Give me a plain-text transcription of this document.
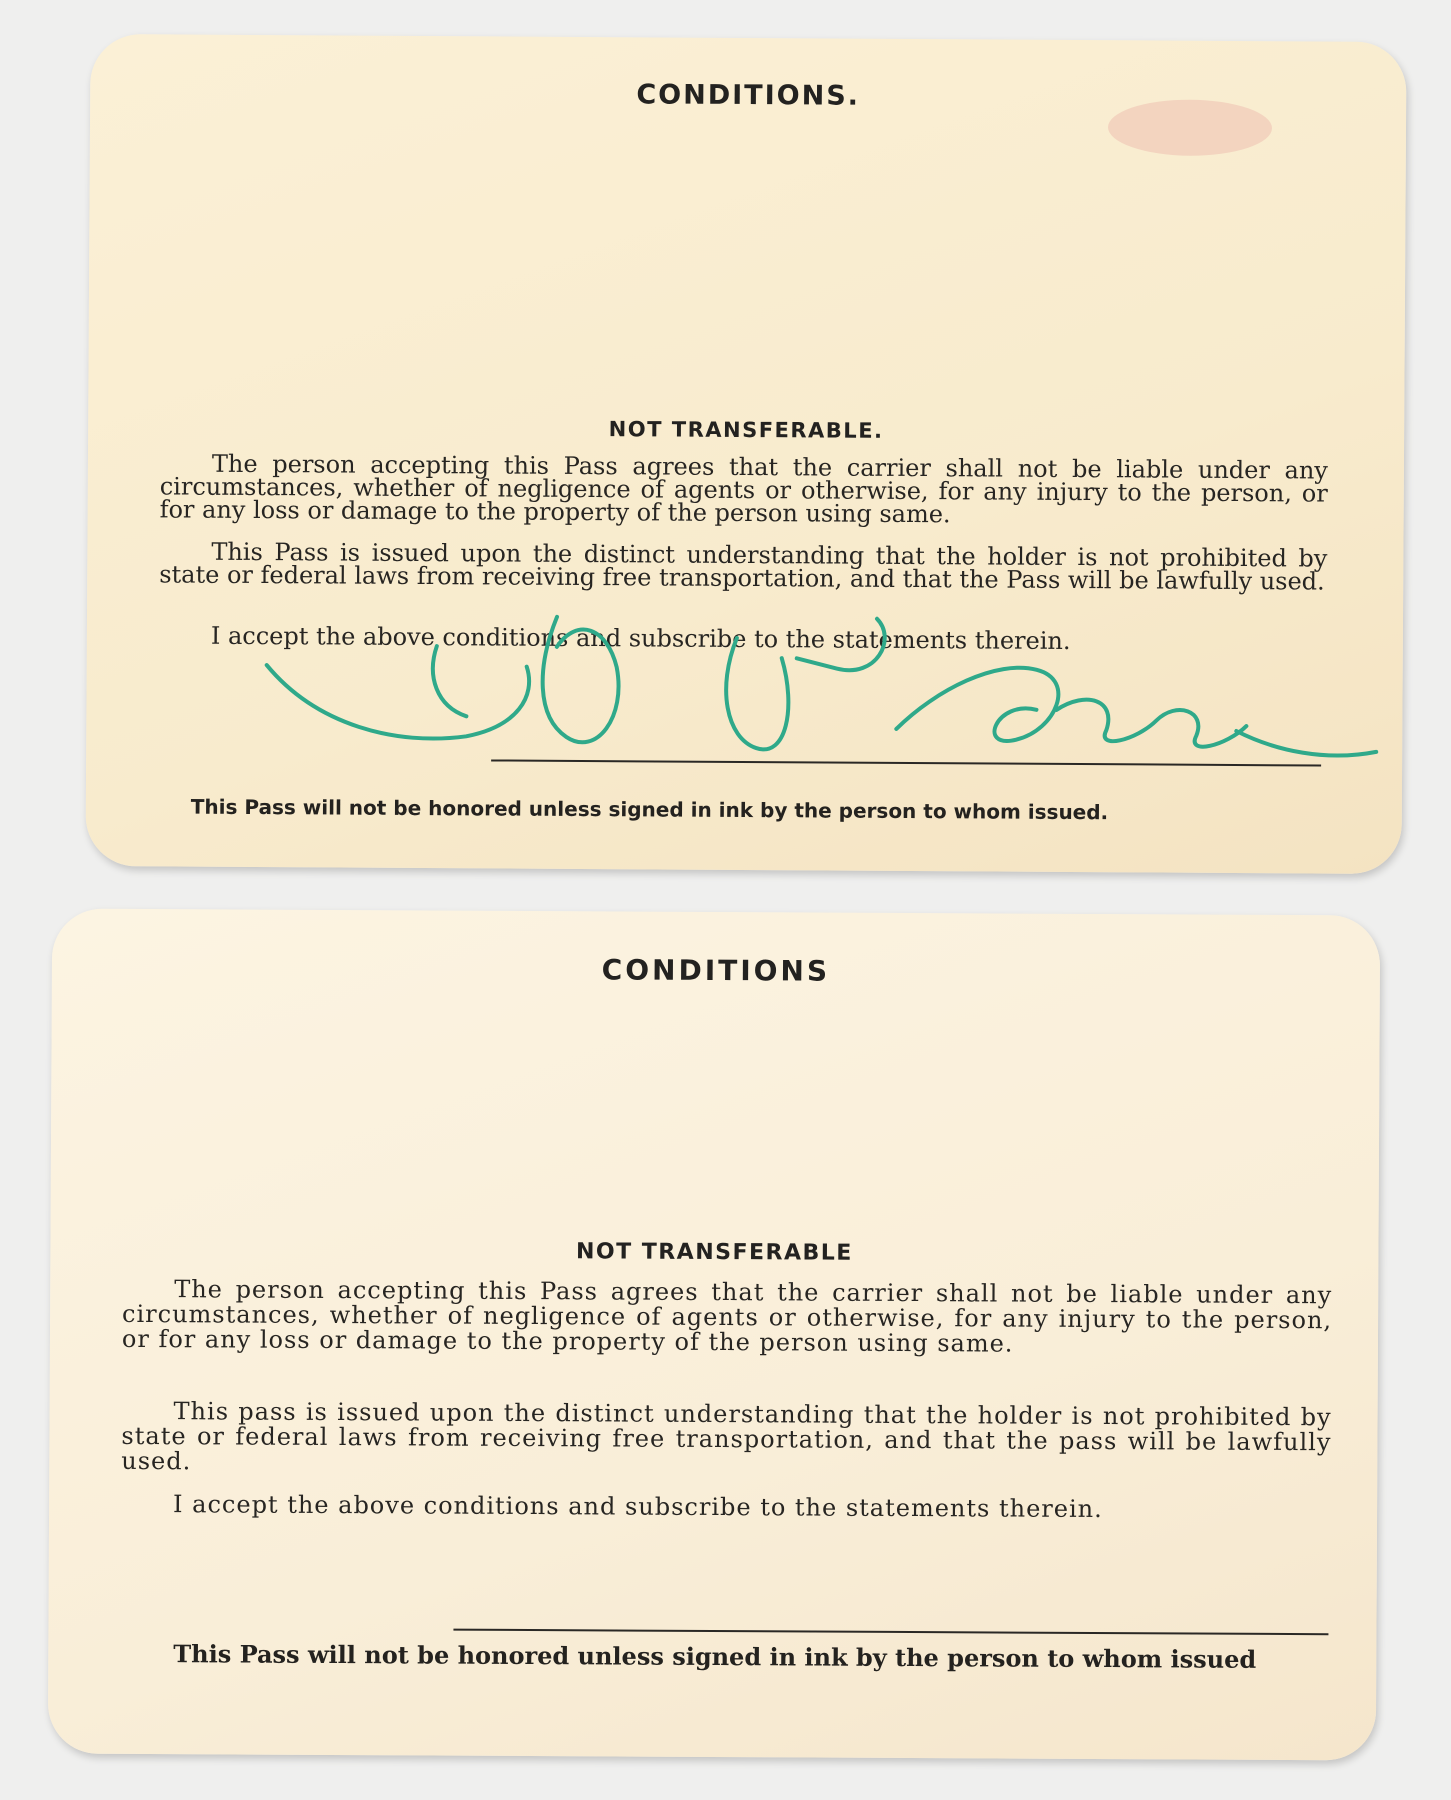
CONDITIONS.
NOT TRANSFERABLE.

The person accepting this Pass agrees that the carrier shall not be liable under any circumstances, whether of negligence of agents or otherwise, for any injury to the person, or for any loss or damage to the property of the person using same.

This Pass is issued upon the distinct understanding that the holder is not prohibited by state or federal laws from receiving free transportation, and that the Pass will be lawfully used.

I accept the above conditions and subscribe to the statements therein.

This Pass will not be honored unless signed in ink by the person to whom issued.
CONDITIONS
NOT TRANSFERABLE

The person accepting this Pass agrees that the carrier shall not be liable under any circumstances, whether of negligence of agents or otherwise, for any injury to the person, or for any loss or damage to the property of the person using same.

This pass is issued upon the distinct understanding that the holder is not prohibited by state or federal laws from receiving free transportation, and that the pass will be lawfully used.

I accept the above conditions and subscribe to the statements therein.

This Pass will not be honored unless signed in ink by the person to whom issued
